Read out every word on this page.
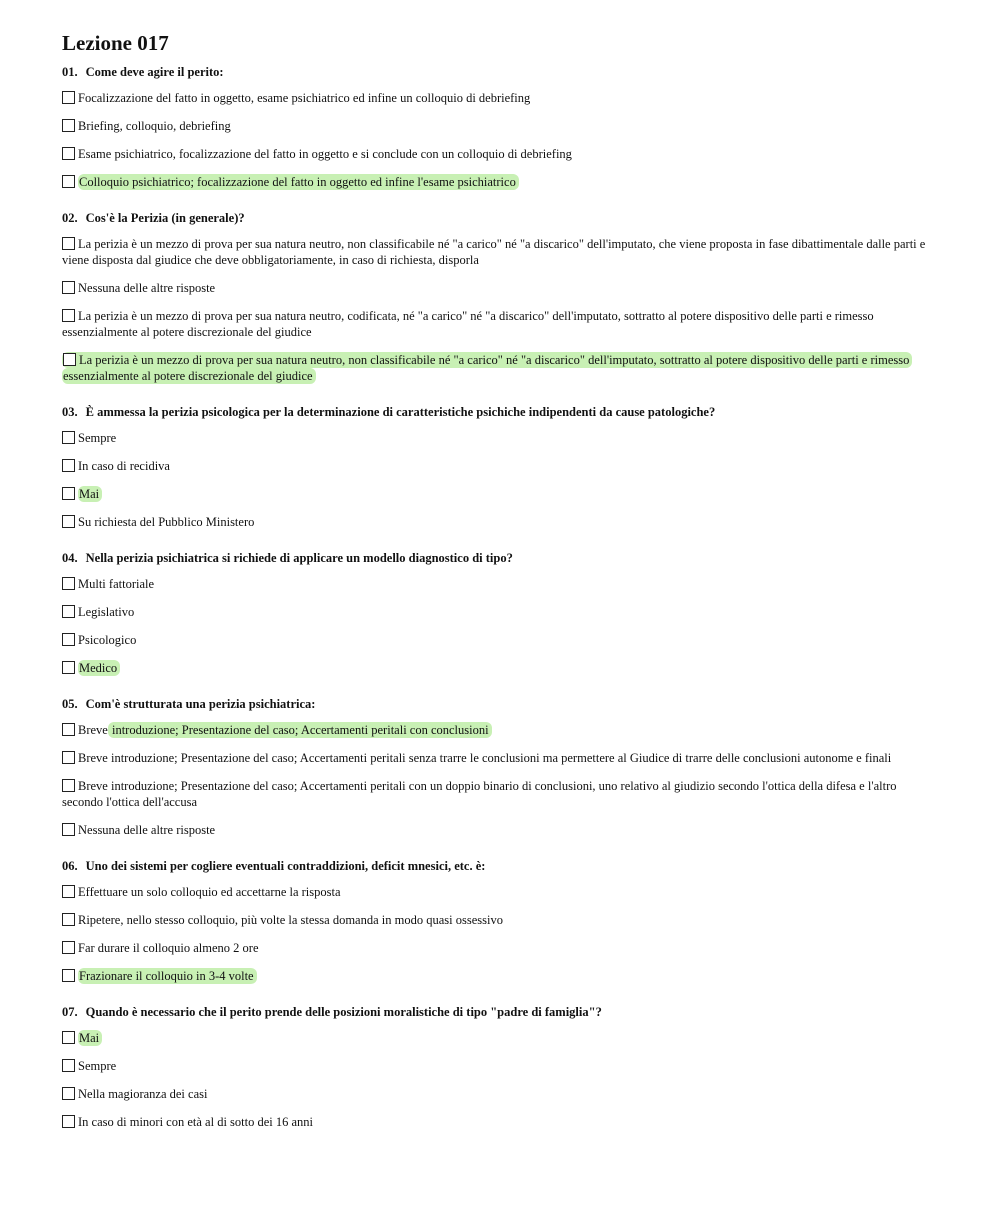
Lezione 017
01. Come deve agire il perito:
Focalizzazione del fatto in oggetto, esame psichiatrico ed infine un colloquio di debriefing
Briefing, colloquio, debriefing
Esame psichiatrico, focalizzazione del fatto in oggetto e si conclude con un colloquio di debriefing
Colloquio psichiatrico; focalizzazione del fatto in oggetto ed infine l'esame psichiatrico
02. Cos'è la Perizia (in generale)?
La perizia è un mezzo di prova per sua natura neutro, non classificabile né "a carico" né "a discarico" dell'imputato, che viene proposta in fase dibattimentale dalle parti e viene disposta dal giudice che deve obbligatoriamente, in caso di richiesta, disporla
Nessuna delle altre risposte
La perizia è un mezzo di prova per sua natura neutro, codificata, né "a carico" né "a discarico" dell'imputato, sottratto al potere dispositivo delle parti e rimesso essenzialmente al potere discrezionale del giudice
La perizia è un mezzo di prova per sua natura neutro, non classificabile né "a carico" né "a discarico" dell'imputato, sottratto al potere dispositivo delle parti e rimesso essenzialmente al potere discrezionale del giudice
03. È ammessa la perizia psicologica per la determinazione di caratteristiche psichiche indipendenti da cause patologiche?
Sempre
In caso di recidiva
Mai
Su richiesta del Pubblico Ministero
04. Nella perizia psichiatrica si richiede di applicare un modello diagnostico di tipo?
Multi fattoriale
Legislativo
Psicologico
Medico
05. Com'è strutturata una perizia psichiatrica:
Breve introduzione; Presentazione del caso; Accertamenti peritali con conclusioni
Breve introduzione; Presentazione del caso; Accertamenti peritali senza trarre le conclusioni ma permettere al Giudice di trarre delle conclusioni autonome e finali
Breve introduzione; Presentazione del caso; Accertamenti peritali con un doppio binario di conclusioni, uno relativo al giudizio secondo l'ottica della difesa e l'altro secondo l'ottica dell'accusa
Nessuna delle altre risposte
06. Uno dei sistemi per cogliere eventuali contraddizioni, deficit mnesici, etc. è:
Effettuare un solo colloquio ed accettarne la risposta
Ripetere, nello stesso colloquio, più volte la stessa domanda in modo quasi ossessivo
Far durare il colloquio almeno 2 ore
Frazionare il colloquio in 3-4 volte
07. Quando è necessario che il perito prende delle posizioni moralistiche di tipo "padre di famiglia"?
Mai
Sempre
Nella magioranza dei casi
In caso di minori con età al di sotto dei 16 anni
